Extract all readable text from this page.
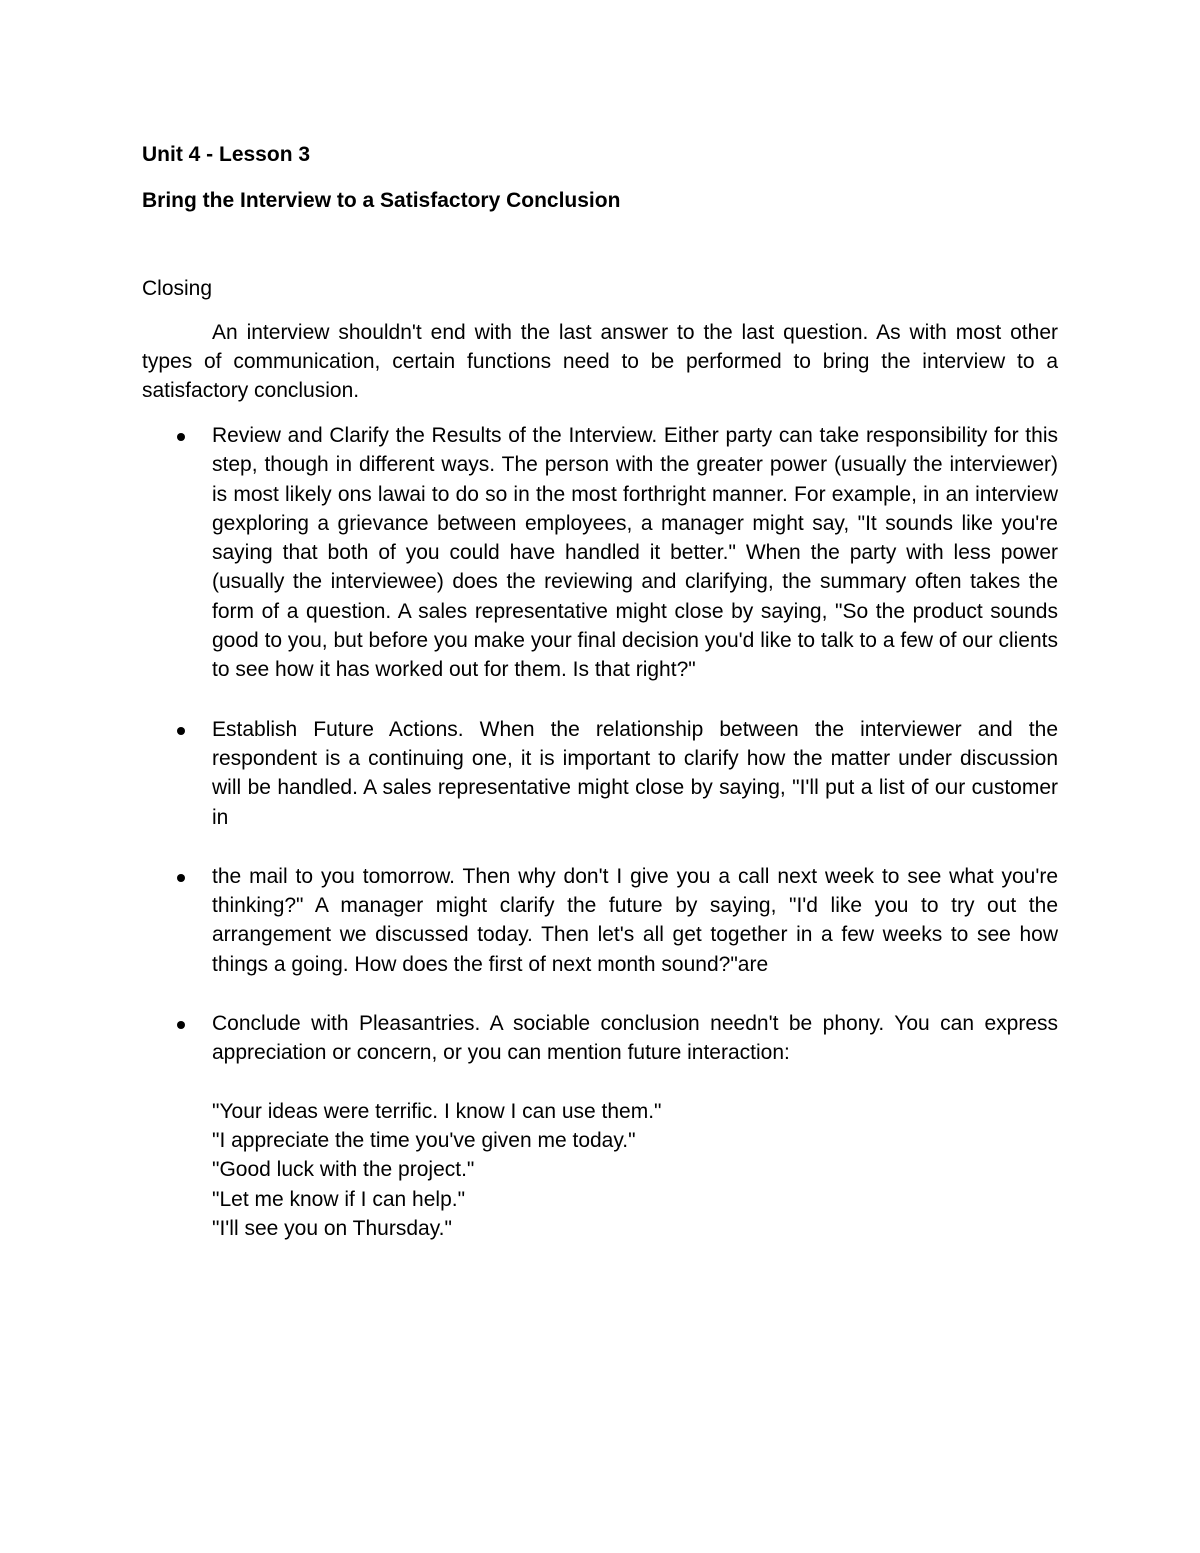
Unit 4 - Lesson 3
Bring the Interview to a Satisfactory Conclusion
Closing

An interview shouldn't end with the last answer to the last question. As with most other types of communication, certain functions need to be performed to bring the interview to a satisfactory conclusion.

Review and Clarify the Results of the Interview. Either party can take responsibility for this step, though in different ways. The person with the greater power (usually the interviewer) is most likely ons lawai to do so in the most forthright manner. For example, in an interview gexploring a grievance between employees, a manager might say, "It sounds like you're saying that both of you could have handled it better." When the party with less power (usually the interviewee) does the reviewing and clarifying, the summary often takes the form of a question. A sales representative might close by saying, "So the product sounds good to you, but before you make your final decision you'd like to talk to a few of our clients to see how it has worked out for them. Is that right?"
Establish Future Actions. When the relationship between the interviewer and the respondent is a continuing one, it is important to clarify how the matter under discussion will be handled. A sales representative might close by saying, "I'll put a list of our customer in
the mail to you tomorrow. Then why don't I give you a call next week to see what you're thinking?" A manager might clarify the future by saying, "I'd like you to try out the arrangement we discussed today. Then let's all get together in a few weeks to see how things a going. How does the first of next month sound?"are
Conclude with Pleasantries. A sociable conclusion needn't be phony. You can express appreciation or concern, or you can mention future interaction:
"Your ideas were terrific. I know I can use them."
"I appreciate the time you've given me today."
"Good luck with the project."
"Let me know if I can help."
"I'll see you on Thursday."
